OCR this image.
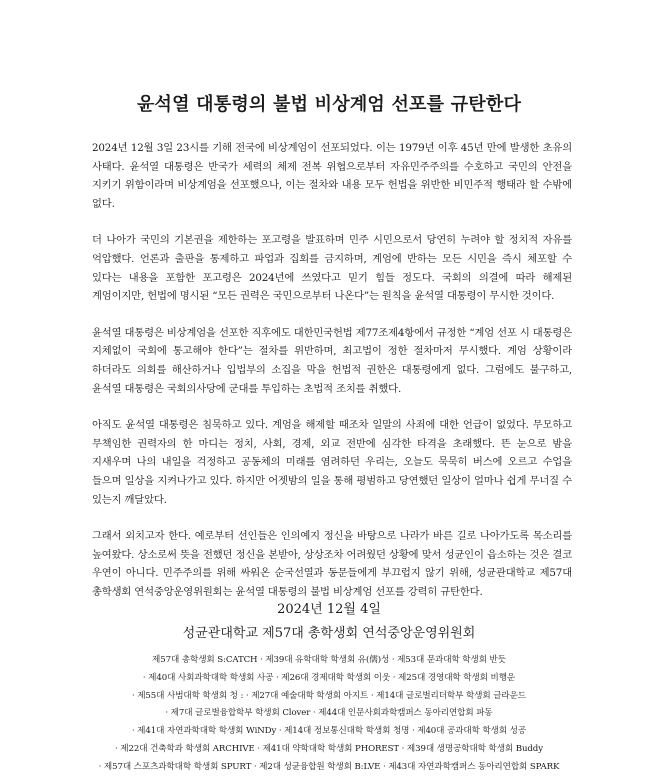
윤석열 대통령의 불법 비상계엄 선포를 규탄한다

2024년 12월 3일 23시를 기해 전국에 비상계엄이 선포되었다. 이는 1979년 이후 45년 만에 발생한 초유의 사태다. 윤석열 대통령은 반국가 세력의 체제 전복 위협으로부터 자유민주주의를 수호하고 국민의 안전을 지키기 위함이라며 비상계엄을 선포했으나, 이는 절차와 내용 모두 헌법을 위반한 비민주적 행태라 할 수밖에 없다.

더 나아가 국민의 기본권을 제한하는 포고령을 발표하며 민주 시민으로서 당연히 누려야 할 정치적 자유를 억압했다. 언론과 출판을 통제하고 파업과 집회를 금지하며, 계엄에 반하는 모든 시민을 즉시 체포할 수 있다는 내용을 포함한 포고령은 2024년에 쓰였다고 믿기 힘들 정도다. 국회의 의결에 따라 해제된 계엄이지만, 헌법에 명시된 “모든 권력은 국민으로부터 나온다”는 원칙을 윤석열 대통령이 무시한 것이다.

윤석열 대통령은 비상계엄을 선포한 직후에도 대한민국헌법 제77조제4항에서 규정한 “계엄 선포 시 대통령은 지체없이 국회에 통고해야 한다”는 절차를 위반하며, 최고법이 정한 절차마저 무시했다. 계엄 상황이라 하더라도 의회를 해산하거나 입법부의 소집을 막을 헌법적 권한은 대통령에게 없다. 그럼에도 불구하고, 윤석열 대통령은 국회의사당에 군대를 투입하는 초법적 조치를 취했다.

아직도 윤석열 대통령은 침묵하고 있다. 계엄을 해제할 때조차 일말의 사죄에 대한 언급이 없었다. 무모하고 무책임한 권력자의 한 마디는 정치, 사회, 경제, 외교 전반에 심각한 타격을 초래했다. 뜬 눈으로 밤을 지새우며 나의 내일을 걱정하고 공동체의 미래를 염려하던 우리는, 오늘도 묵묵히 버스에 오르고 수업을 들으며 일상을 지켜나가고 있다. 하지만 어젯밤의 일을 통해 평범하고 당연했던 일상이 얼마나 쉽게 무너질 수 있는지 깨달았다.

그래서 외치고자 한다. 예로부터 선인들은 인의예지 정신을 바탕으로 나라가 바른 길로 나아가도록 목소리를 높여왔다. 상소로써 뜻을 전했던 정신을 본받아, 상상조차 어려웠던 상황에 맞서 성균인이 읍소하는 것은 결코 우연이 아니다. 민주주의를 위해 싸워온 순국선열과 동문들에게 부끄럽지 않기 위해, 성균관대학교 제57대 총학생회 연석중앙운영위원회는 윤석열 대통령의 불법 비상계엄 선포를 강력히 규탄한다.

2024년 12월 4일

성균관대학교 제57대 총학생회 연석중앙운영위원회

제57대 총학생회 S:CATCH · 제39대 유학대학 학생회 유(儒)성 · 제53대 문과대학 학생회 반듯
· 제40대 사회과학대학 학생회 사공 · 제26대 경제대학 학생회 이웃 · 제25대 경영대학 학생회 비행운
· 제55대 사범대학 학생회 청 : · 제27대 예술대학 학생회 아지트 · 제14대 글로벌리더학부 학생회 글라운드
· 제7대 글로벌융합학부 학생회 Clover · 제44대 인문사회과학캠퍼스 동아리연합회 파동
· 제41대 자연과학대학 학생회 WiNDy · 제14대 정보통신대학 학생회 청명 · 제40대 공과대학 학생회 성공
· 제22대 건축학과 학생회 ARCHIVE · 제41대 약학대학 학생회 PHOREST · 제39대 생명공학대학 학생회 Buddy
· 제57대 스포츠과학대학 학생회 SPURT · 제2대 성균융합원 학생회 B:LVE · 제43대 자연과학캠퍼스 동아리연합회 SPARK
